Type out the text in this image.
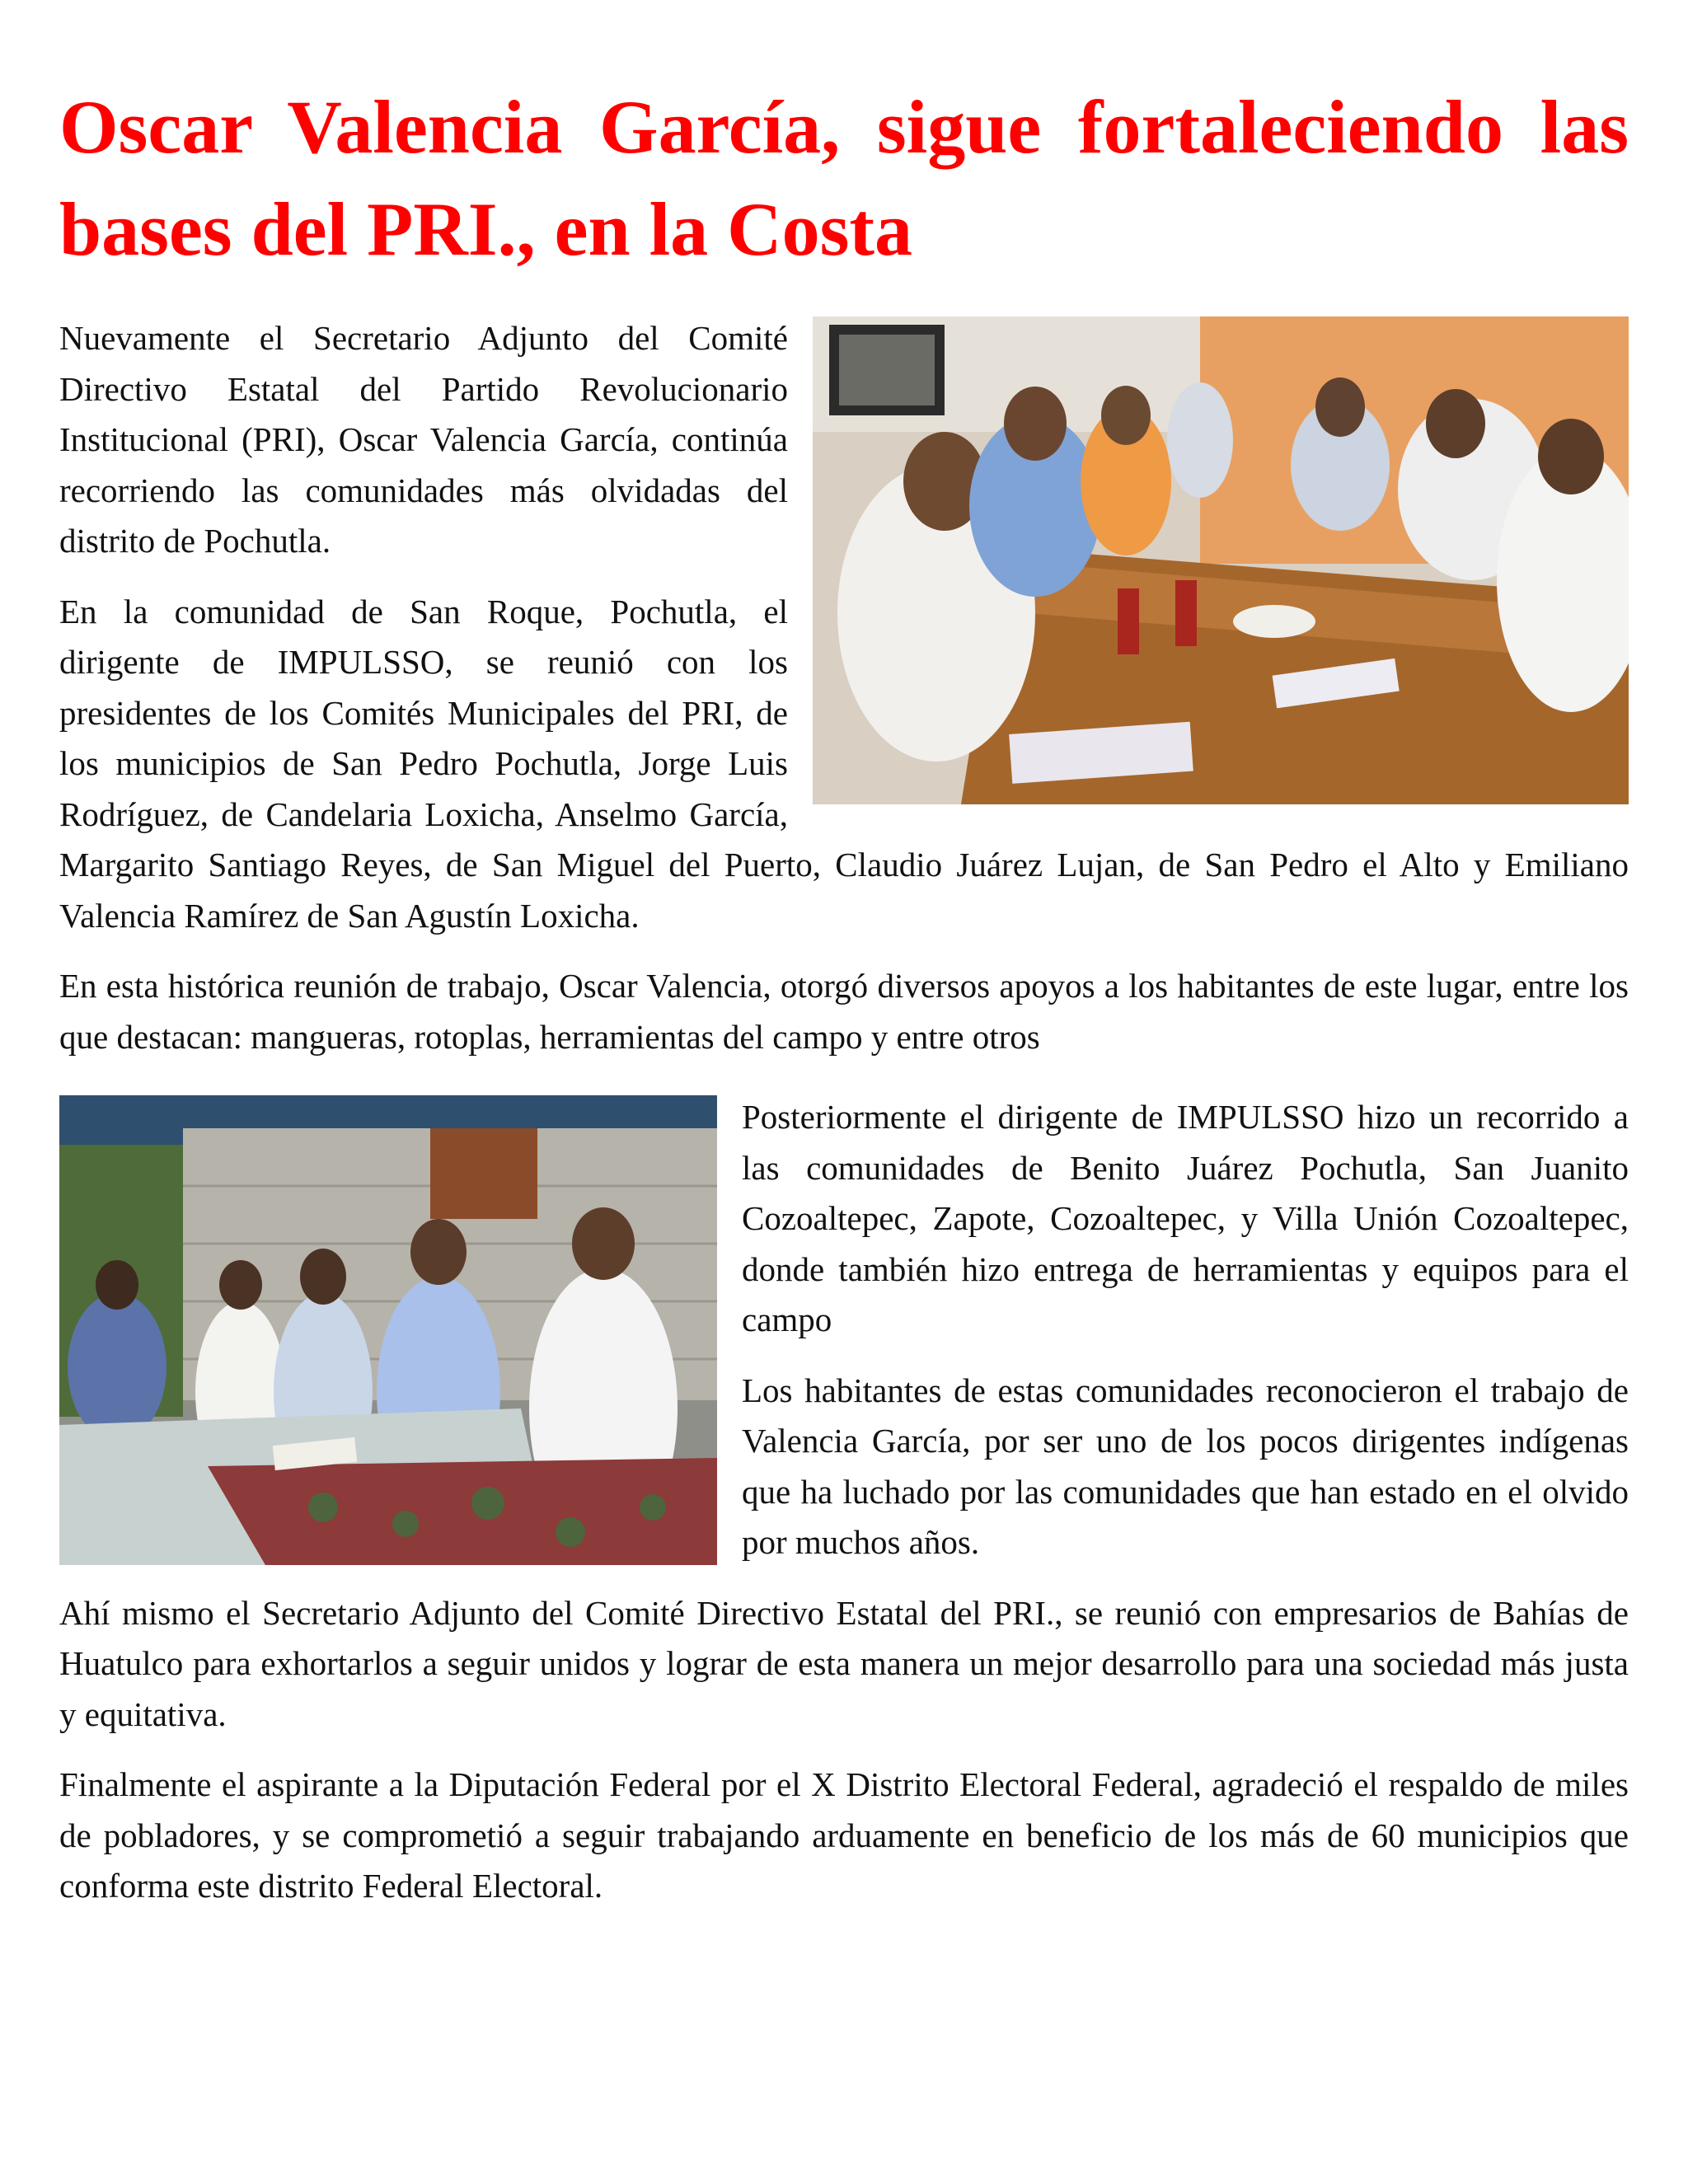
Oscar Valencia García, sigue fortaleciendo las bases del PRI., en la Costa

Nuevamente el Secretario Adjunto del Comité Directivo Estatal del Partido Revolucionario Institucional (PRI), Oscar Valencia García, continúa recorriendo las comunidades más olvidadas del distrito de Pochutla.

En la comunidad de San Roque, Pochutla, el dirigente de IMPULSSO, se reunió con los presidentes de los Comités Municipales del PRI, de los municipios de San Pedro Pochutla, Jorge Luis Rodríguez, de Candelaria Loxicha, Anselmo García, Margarito Santiago Reyes, de San Miguel del Puerto, Claudio Juárez Lujan, de San Pedro el Alto y Emiliano Valencia Ramírez de San Agustín Loxicha.

En esta histórica reunión de trabajo, Oscar Valencia, otorgó diversos apoyos a los habitantes de este lugar, entre los que destacan: mangueras, rotoplas, herramientas del campo y entre otros

Posteriormente el dirigente de IMPULSSO hizo un recorrido a las comunidades de Benito Juárez Pochutla, San Juanito Cozoaltepec, Zapote, Cozoaltepec, y Villa Unión Cozoaltepec, donde también hizo entrega de herramientas y equipos para el campo

Los habitantes de estas comunidades reconocieron el trabajo de Valencia García, por ser uno de los pocos dirigentes indígenas que ha luchado por las comunidades que han estado en el olvido por muchos años.

Ahí mismo el Secretario Adjunto del Comité Directivo Estatal del PRI., se reunió con empresarios de Bahías de Huatulco para exhortarlos a seguir unidos y lograr de esta manera un mejor desarrollo para una sociedad más justa y equitativa.

Finalmente el aspirante a la Diputación Federal por el X Distrito Electoral Federal, agradeció el respaldo de miles de pobladores, y se comprometió a seguir trabajando arduamente en beneficio de los más de 60 municipios que conforma este distrito Federal Electoral.
